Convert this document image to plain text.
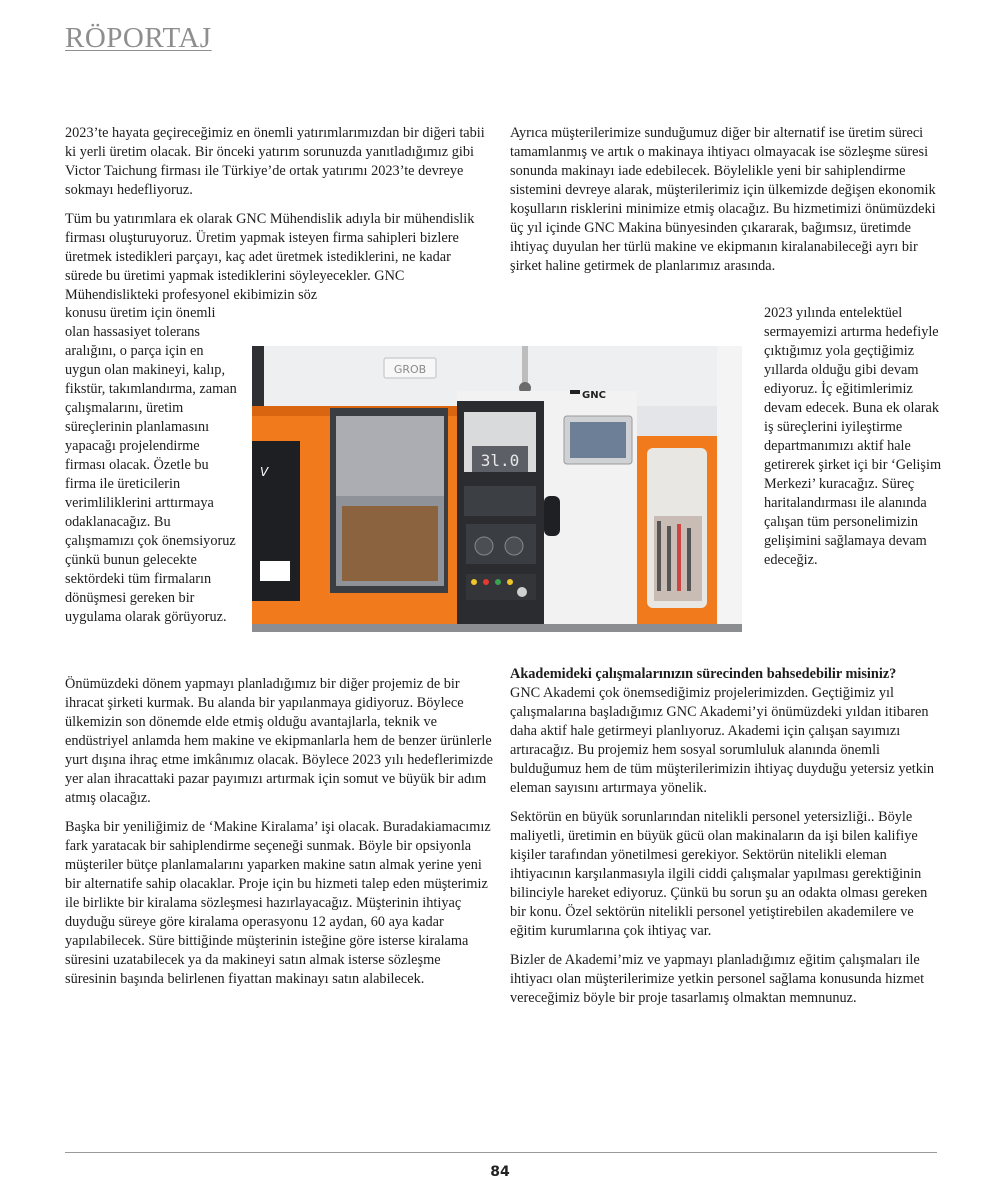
RÖPORTAJ

2023’te hayata geçireceğimiz en önemli yatırımlarımızdan bir diğeri tabii ki yerli üretim olacak. Bir önceki yatırım sorunuzda yanıtladığımız gibi Victor Taichung firması ile Türkiye’de ortak yatırımı 2023’te devreye sokmayı hedefliyoruz.

Tüm bu yatırımlara ek olarak GNC Mühendislik adıyla bir mühendislik firması oluşturuyoruz. Üretim yapmak isteyen firma sahipleri bizlere üretmek istedikleri parçayı, kaç adet üretmek istediklerini, ne kadar sürede bu üretimi yapmak istediklerini söyleyecekler. GNC Mühendislikteki profesyonel ekibimizin söz

konusu üretim için önemli olan hassasiyet tolerans aralığını, o parça için en uygun olan makineyi, kalıp, fikstür, takımlandırma, zaman çalışmalarını, üretim süreçlerinin planlamasını yapacağı projelendirme firması olacak. Özetle bu firma ile üreticilerin verimliliklerini arttırmaya odaklanacağız. Bu çalışmamızı çok önemsiyoruz çünkü bunun gelecekte sektördeki tüm firmaların dönüşmesi gereken bir uygulama olarak görüyoruz.

Ayrıca müşterilerimize sunduğumuz diğer bir alternatif ise üretim süreci tamamlanmış ve artık o makinaya ihtiyacı olmayacak ise sözleşme süresi sonunda makinayı iade edebilecek. Böylelikle yeni bir sahiplendirme sistemini devreye alarak, müşterilerimiz için ülkemizde değişen ekonomik koşulların risklerini minimize etmiş olacağız. Bu hizmetimizi önümüzdeki üç yıl içinde GNC Makina bünyesinden çıkararak, bağımsız, üretimde ihtiyaç duyulan her türlü makine ve ekipmanın kiralanabileceği ayrı bir şirket haline getirmek de planlarımız arasında.

2023 yılında entelektüel sermayemizi artırma hedefiyle çıktığımız yola geçtiğimiz yıllarda olduğu gibi devam ediyoruz. İç eğitimlerimiz devam edecek. Buna ek olarak iş süreçlerini iyileştirme departmanımızı aktif hale getirerek şirket içi bir ‘Gelişim Merkezi’ kuracağız. Süreç haritalandırması ile alanında çalışan tüm personelimizin gelişimini sağlamaya devam edeceğiz.

GROB
V
GNC
3l.0

Önümüzdeki dönem yapmayı planladığımız bir diğer projemiz de bir ihracat şirketi kurmak. Bu alanda bir yapılanmaya gidiyoruz. Böylece ülkemizin son dönemde elde etmiş olduğu avantajlarla, teknik ve endüstriyel anlamda hem makine ve ekipmanlarla hem de benzer ürünlerle yurt dışına ihraç etme imkânımız olacak. Böylece 2023 yılı hedeflerimizde yer alan ihracattaki pazar payımızı artırmak için somut ve büyük bir adım atmış olacağız.

Başka bir yeniliğimiz de ‘Makine Kiralama’ işi olacak. Buradakiamacımız fark yaratacak bir sahiplendirme seçeneği sunmak. Böyle bir opsiyonla müşteriler bütçe planlamalarını yaparken makine satın almak yerine yeni bir alternatife sahip olacaklar. Proje için bu hizmeti talep eden müşterimiz ile birlikte bir kiralama sözleşmesi hazırlayacağız. Müşterinin ihtiyaç duyduğu süreye göre kiralama operasyonu 12 aydan, 60 aya kadar yapılabilecek. Süre bittiğinde müşterinin isteğine göre isterse kiralama süresini uzatabilecek ya da makineyi satın almak isterse sözleşme süresinin başında belirlenen fiyattan makinayı satın alabilecek.

Akademideki çalışmalarınızın sürecinden bahsedebilir misiniz?
GNC Akademi çok önemsediğimiz projelerimizden. Geçtiğimiz yıl çalışmalarına başladığımız GNC Akademi’yi önümüzdeki yıldan itibaren daha aktif hale getirmeyi planlıyoruz. Akademi için çalışan sayımızı artıracağız. Bu projemiz hem sosyal sorumluluk alanında önemli bulduğumuz hem de tüm müşterilerimizin ihtiyaç duyduğu yetersiz yetkin eleman sayısını artırmaya yönelik.

Sektörün en büyük sorunlarından nitelikli personel yetersizliği.. Böyle maliyetli, üretimin en büyük gücü olan makinaların da işi bilen kalifiye kişiler tarafından yönetilmesi gerekiyor. Sektörün nitelikli eleman ihtiyacının karşılanmasıyla ilgili ciddi çalışmalar yapılması gerektiğinin bilinciyle hareket ediyoruz. Çünkü bu sorun şu an odakta olması gereken bir konu. Özel sektörün nitelikli personel yetiştirebilen akademilere ve eğitim kurumlarına çok ihtiyaç var.

Bizler de Akademi’miz ve yapmayı planladığımız eğitim çalışmaları ile ihtiyacı olan müşterilerimize yetkin personel sağlama konusunda hizmet vereceğimiz böyle bir proje tasarlamış olmaktan memnunuz.

84
